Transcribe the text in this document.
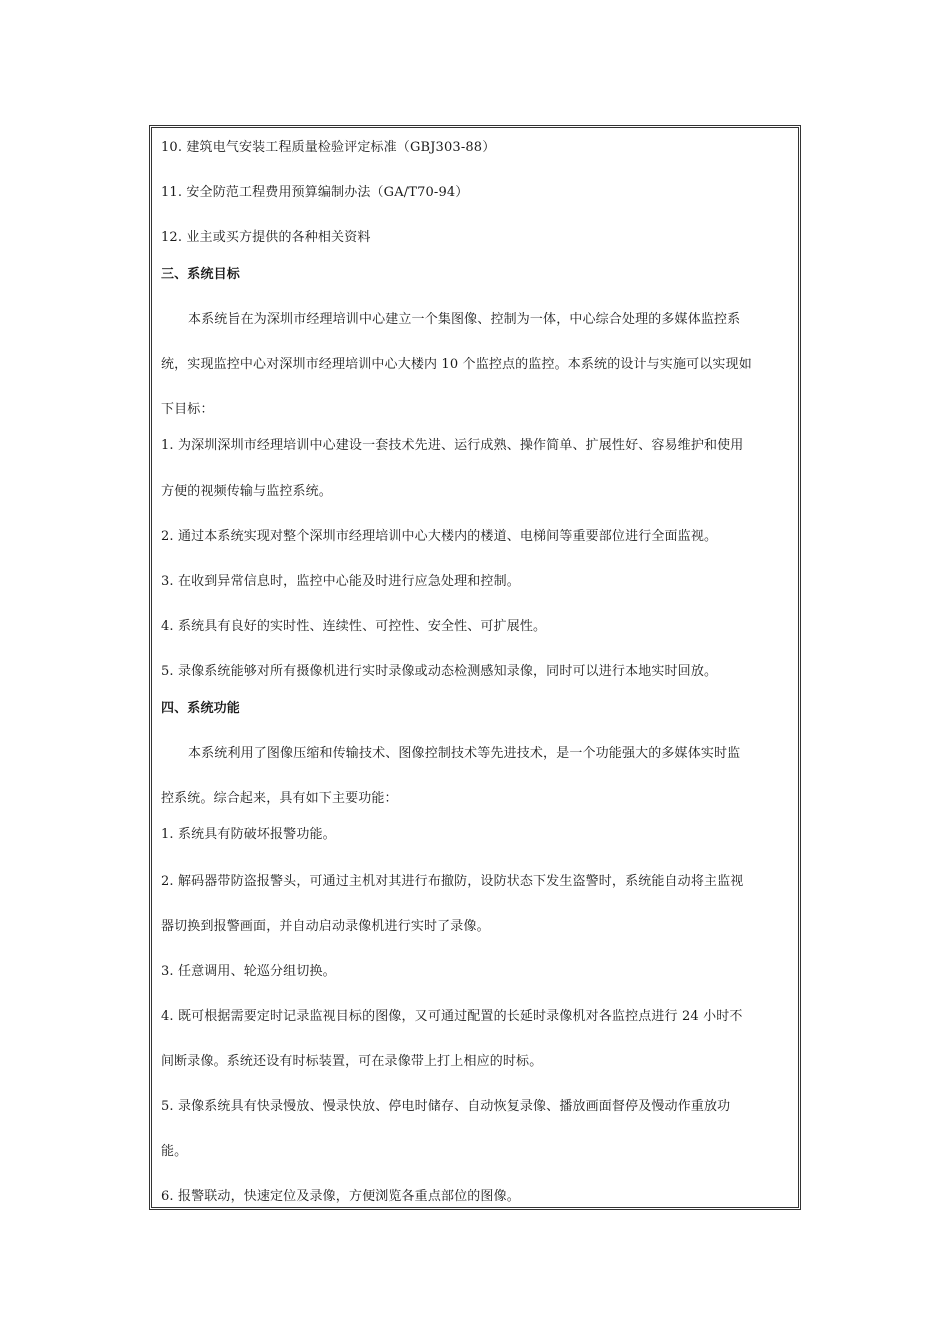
10. 建筑电气安装工程质量检验评定标准（GBJ303-88）
11. 安全防范工程费用预算编制办法（GA/T70-94）
12. 业主或买方提供的各种相关资料
三、系统目标
本系统旨在为深圳市经理培训中心建立一个集图像、控制为一体，中心综合处理的多媒体监控系
统，实现监控中心对深圳市经理培训中心大楼内 10 个监控点的监控。本系统的设计与实施可以实现如
下目标：
1. 为深圳深圳市经理培训中心建设一套技术先进、运行成熟、操作简单、扩展性好、容易维护和使用
方便的视频传输与监控系统。
2. 通过本系统实现对整个深圳市经理培训中心大楼内的楼道、电梯间等重要部位进行全面监视。
3. 在收到异常信息时，监控中心能及时进行应急处理和控制。
4. 系统具有良好的实时性、连续性、可控性、安全性、可扩展性。
5. 录像系统能够对所有摄像机进行实时录像或动态检测感知录像，同时可以进行本地实时回放。
四、系统功能
本系统利用了图像压缩和传输技术、图像控制技术等先进技术，是一个功能强大的多媒体实时监
控系统。综合起来，具有如下主要功能：
1. 系统具有防破坏报警功能。
2. 解码器带防盗报警头，可通过主机对其进行布撤防，设防状态下发生盗警时，系统能自动将主监视
器切换到报警画面，并自动启动录像机进行实时了录像。
3. 任意调用、轮巡分组切换。
4. 既可根据需要定时记录监视目标的图像，又可通过配置的长延时录像机对各监控点进行 24 小时不
间断录像。系统还设有时标装置，可在录像带上打上相应的时标。
5. 录像系统具有快录慢放、慢录快放、停电时储存、自动恢复录像、播放画面督停及慢动作重放功
能。
6. 报警联动，快速定位及录像，方便浏览各重点部位的图像。
